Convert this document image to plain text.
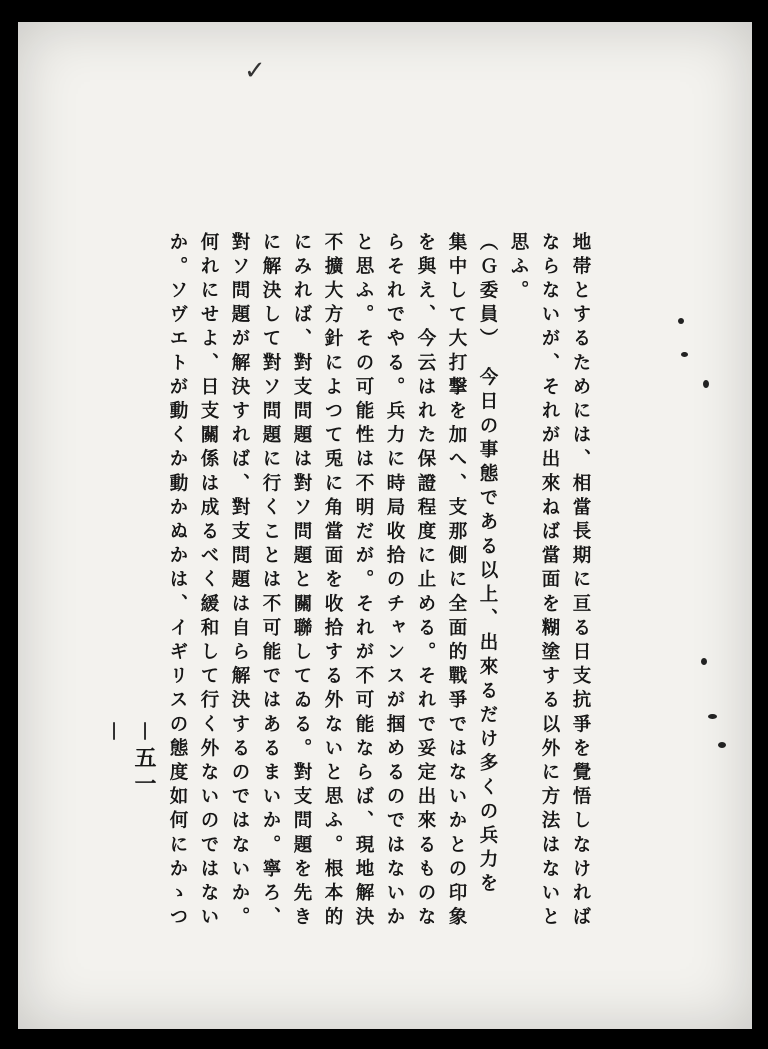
✓
地帯とするためには、相當長期に亘る日支抗爭を覺悟しなければ
ならないが、それが出來ねば當面を糊塗する以外に方法はないと
思ふ。
（Ｇ委員）　今日の事態である以上、出來るだけ多くの兵力を
集中して大打撃を加へ、支那側に全面的戰爭ではないかとの印象
を與え、今云はれた保證程度に止める。それで妥定出來るものな
らそれでやる。兵力に時局收拾のチャンスが掴めるのではないか
と思ふ。その可能性は不明だが。それが不可能ならば、現地解決
不擴大方針によつて兎に角當面を收拾する外ないと思ふ。根本的
にみれば、對支問題は對ソ問題と關聯してゐる。對支問題を先き
に解決して對ソ問題に行くことは不可能ではあるまいか。寧ろ、
對ソ問題が解決すれば、對支問題は自ら解決するのではないか。
何れにせよ、日支關係は成るべく緩和して行く外ないのではない
か。ソヴエトが動くか動かぬかは、イギリスの態度如何にかゝつ
－五一－
